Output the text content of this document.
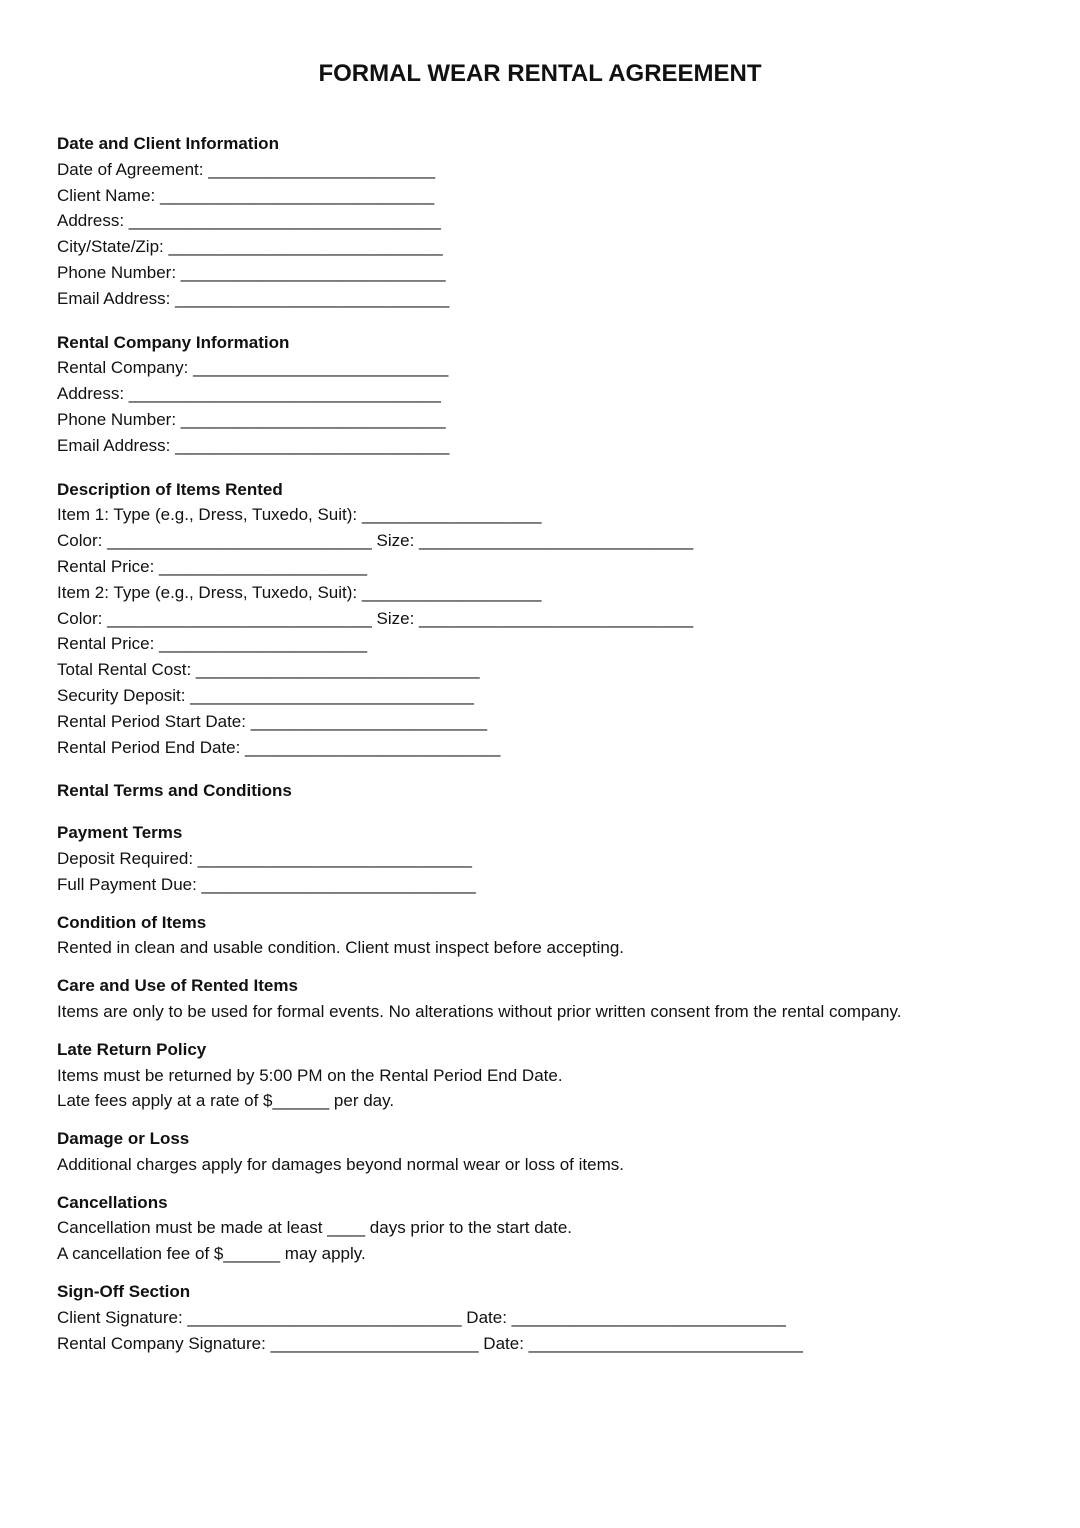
FORMAL WEAR RENTAL AGREEMENT
Date and Client Information
Date of Agreement: ________________________
Client Name: _____________________________
Address: _________________________________
City/State/Zip: _____________________________
Phone Number: ____________________________
Email Address: _____________________________
Rental Company Information
Rental Company: ___________________________
Address: _________________________________
Phone Number: ____________________________
Email Address: _____________________________
Description of Items Rented
Item 1: Type (e.g., Dress, Tuxedo, Suit): ___________________
Color: ____________________________ Size: _____________________________
Rental Price: ______________________
Item 2: Type (e.g., Dress, Tuxedo, Suit): ___________________
Color: ____________________________ Size: _____________________________
Rental Price: ______________________
Total Rental Cost: ______________________________
Security Deposit: ______________________________
Rental Period Start Date: _________________________
Rental Period End Date: ___________________________
Rental Terms and Conditions
Payment Terms
Deposit Required: _____________________________
Full Payment Due: _____________________________
Condition of Items
Rented in clean and usable condition. Client must inspect before accepting.
Care and Use of Rented Items
Items are only to be used for formal events. No alterations without prior written consent from the rental company.
Late Return Policy
Items must be returned by 5:00 PM on the Rental Period End Date.
Late fees apply at a rate of $______ per day.
Damage or Loss
Additional charges apply for damages beyond normal wear or loss of items.
Cancellations
Cancellation must be made at least ____ days prior to the start date.
A cancellation fee of $______ may apply.
Sign-Off Section
Client Signature: _____________________________ Date: _____________________________
Rental Company Signature: ______________________ Date: _____________________________
